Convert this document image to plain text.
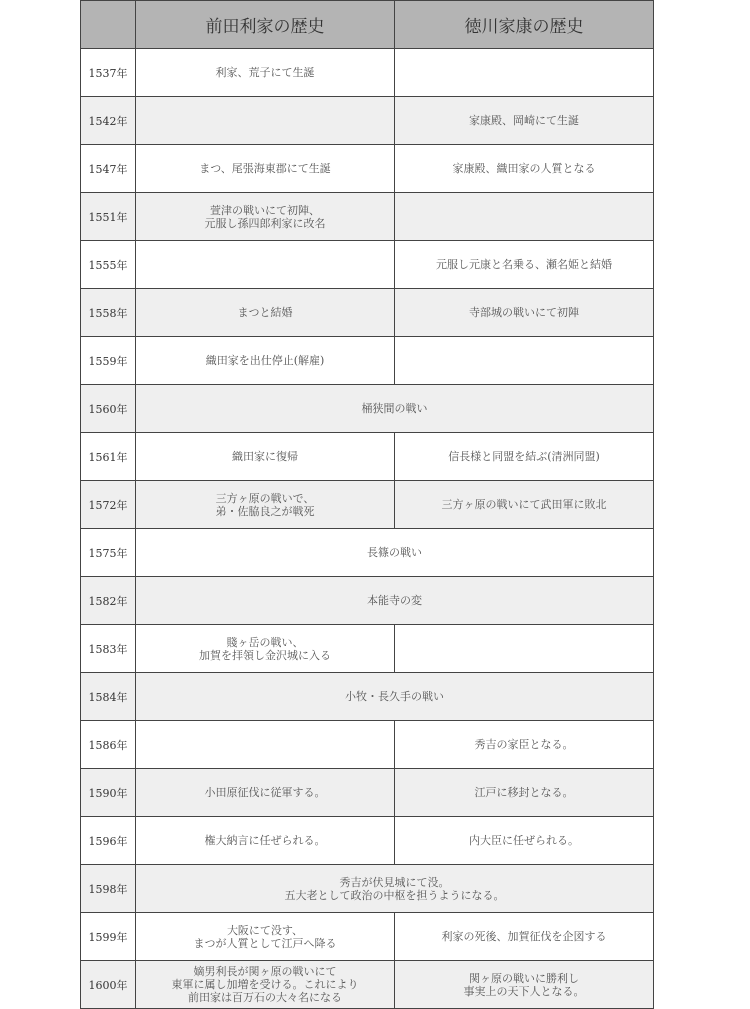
	前田利家の歴史	徳川家康の歴史
1537年	利家、荒子にて生誕	

1542年		家康殿、岡崎にて生誕

1547年	まつ、尾張海東郡にて生誕	家康殿、織田家の人質となる

1551年	萱津の戦いにて初陣、
元服し孫四郎利家に改名	

1555年		元服し元康と名乗る、瀬名姫と結婚

1558年	まつと結婚	寺部城の戦いにて初陣

1559年	織田家を出仕停止(解雇)	

1560年	桶狭間の戦い	

1561年	織田家に復帰	信長様と同盟を結ぶ(清洲同盟)

1572年	三方ヶ原の戦いで、
弟・佐脇良之が戦死	三方ヶ原の戦いにて武田軍に敗北

1575年	長篠の戦い	

1582年	本能寺の変	

1583年	賤ヶ岳の戦い、
加賀を拝領し金沢城に入る	

1584年	小牧・長久手の戦い	

1586年		秀吉の家臣となる。

1590年	小田原征伐に従軍する。	江戸に移封となる。

1596年	権大納言に任ぜられる。	内大臣に任ぜられる。

1598年	秀吉が伏見城にて没。
五大老として政治の中枢を担うようになる。	

1599年	大阪にて没す、
まつが人質として江戸へ降る	利家の死後、加賀征伐を企図する

1600年	嫡男利長が関ヶ原の戦いにて
東軍に属し加増を受ける。これにより
前田家は百万石の大々名になる	関ヶ原の戦いに勝利し
事実上の天下人となる。
